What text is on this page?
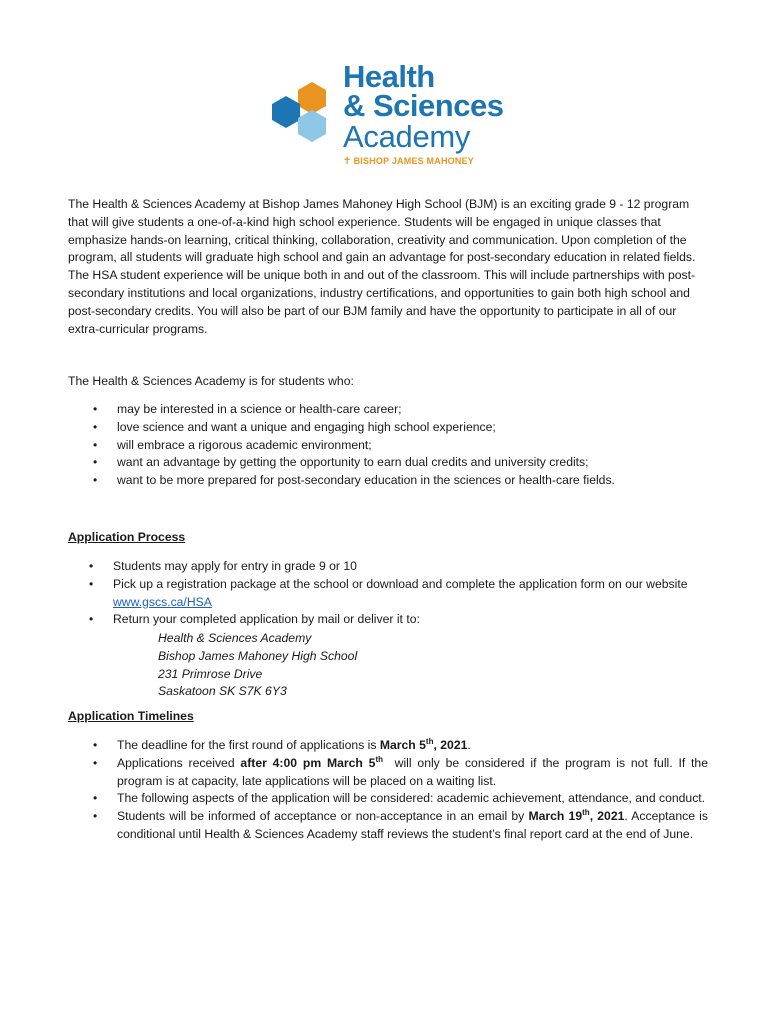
Health
& Sciences
Academy
✝ BISHOP JAMES MAHONEY
The Health & Sciences Academy at Bishop James Mahoney High School (BJM) is an exciting grade 9 - 12 program that will give students a one-of-a-kind high school experience. Students will be engaged in unique classes that emphasize hands-on learning, critical thinking, collaboration, creativity and communication. Upon completion of the program, all students will graduate high school and gain an advantage for post-secondary education in related fields. The HSA student experience will be unique both in and out of the classroom. This will include partnerships with post-secondary institutions and local organizations, industry certifications, and opportunities to gain both high school and post-secondary credits. You will also be part of our BJM family and have the opportunity to participate in all of our extra-curricular programs.
The Health & Sciences Academy is for students who:
• may be interested in a science or health-care career;
• love science and want a unique and engaging high school experience;
• will embrace a rigorous academic environment;
• want an advantage by getting the opportunity to earn dual credits and university credits;
• want to be more prepared for post-secondary education in the sciences or health-care fields.
Application Process
• Students may apply for entry in grade 9 or 10
• Pick up a registration package at the school or download and complete the application form on our website www.gscs.ca/HSA
• Return your completed application by mail or deliver it to:
Health & Sciences Academy
Bishop James Mahoney High School
231 Primrose Drive
Saskatoon SK S7K 6Y3
Application Timelines
• The deadline for the first round of applications is March 5th, 2021.

• Applications received after 4:00 pm March 5th  will only be considered if the program is not full. If the program is at capacity, late applications will be placed on a waiting list.

• The following aspects of the application will be considered: academic achievement, attendance, and conduct.

• Students will be informed of acceptance or non-acceptance in an email by March 19th, 2021. Acceptance is conditional until Health & Sciences Academy staff reviews the student’s final report card at the end of June.
